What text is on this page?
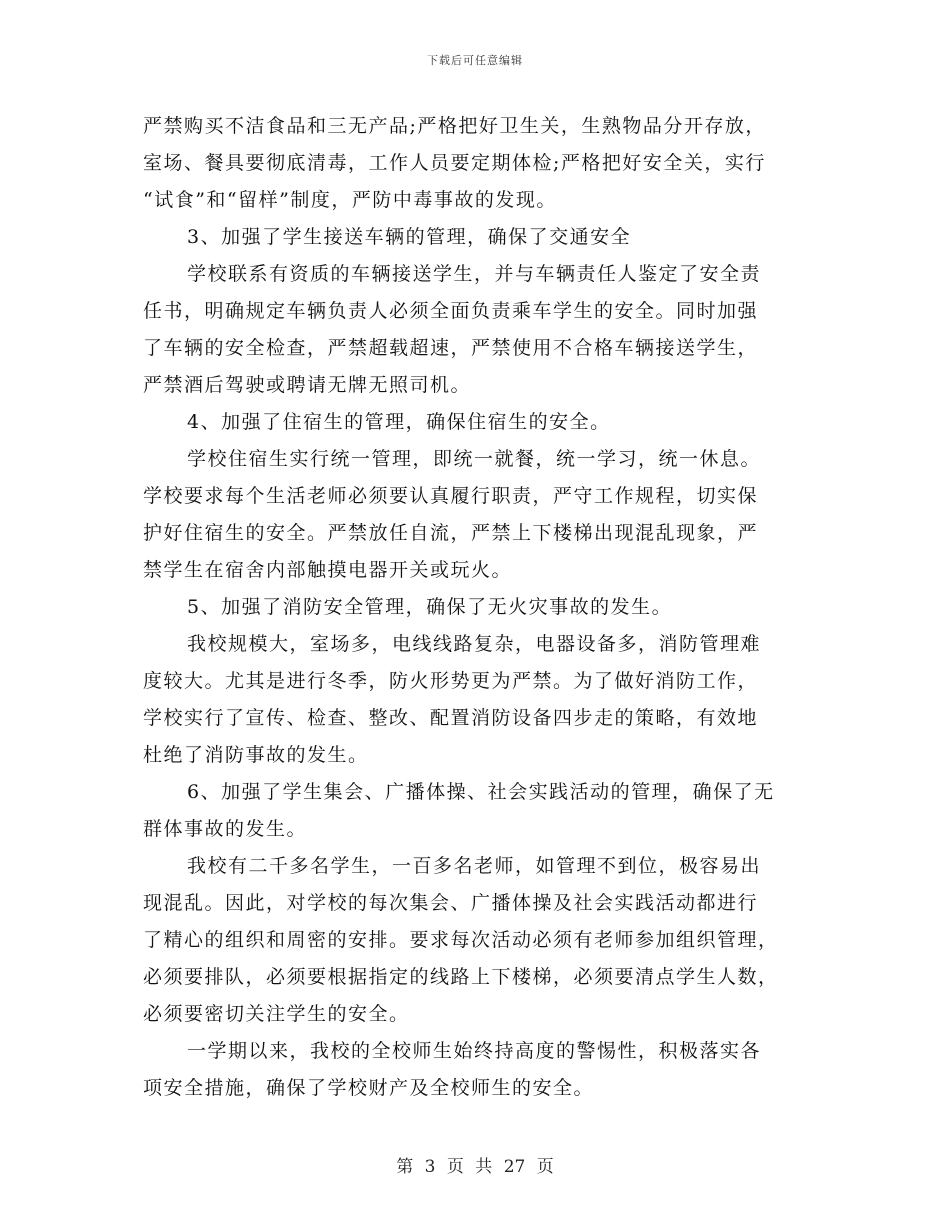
下载后可任意编辑
严禁购买不洁食品和三无产品;严格把好卫生关，生熟物品分开存放，
室场、餐具要彻底清毒，工作人员要定期体检;严格把好安全关，实行
“试食”和“留样”制度，严防中毒事故的发现。
3、加强了学生接送车辆的管理，确保了交通安全
学校联系有资质的车辆接送学生，并与车辆责任人鉴定了安全责
任书，明确规定车辆负责人必须全面负责乘车学生的安全。同时加强
了车辆的安全检查，严禁超载超速，严禁使用不合格车辆接送学生，
严禁酒后驾驶或聘请无牌无照司机。
4、加强了住宿生的管理，确保住宿生的安全。
学校住宿生实行统一管理，即统一就餐，统一学习，统一休息。
学校要求每个生活老师必须要认真履行职责，严守工作规程，切实保
护好住宿生的安全。严禁放任自流，严禁上下楼梯出现混乱现象，严
禁学生在宿舍内部触摸电器开关或玩火。
5、加强了消防安全管理，确保了无火灾事故的发生。
我校规模大，室场多，电线线路复杂，电器设备多，消防管理难
度较大。尤其是进行冬季，防火形势更为严禁。为了做好消防工作，
学校实行了宣传、检查、整改、配置消防设备四步走的策略，有效地
杜绝了消防事故的发生。
6、加强了学生集会、广播体操、社会实践活动的管理，确保了无
群体事故的发生。
我校有二千多名学生，一百多名老师，如管理不到位，极容易出
现混乱。因此，对学校的每次集会、广播体操及社会实践活动都进行
了精心的组织和周密的安排。要求每次活动必须有老师参加组织管理，
必须要排队，必须要根据指定的线路上下楼梯，必须要清点学生人数，
必须要密切关注学生的安全。
一学期以来，我校的全校师生始终持高度的警惕性，积极落实各
项安全措施，确保了学校财产及全校师生的安全。
第 3 页 共 27 页
